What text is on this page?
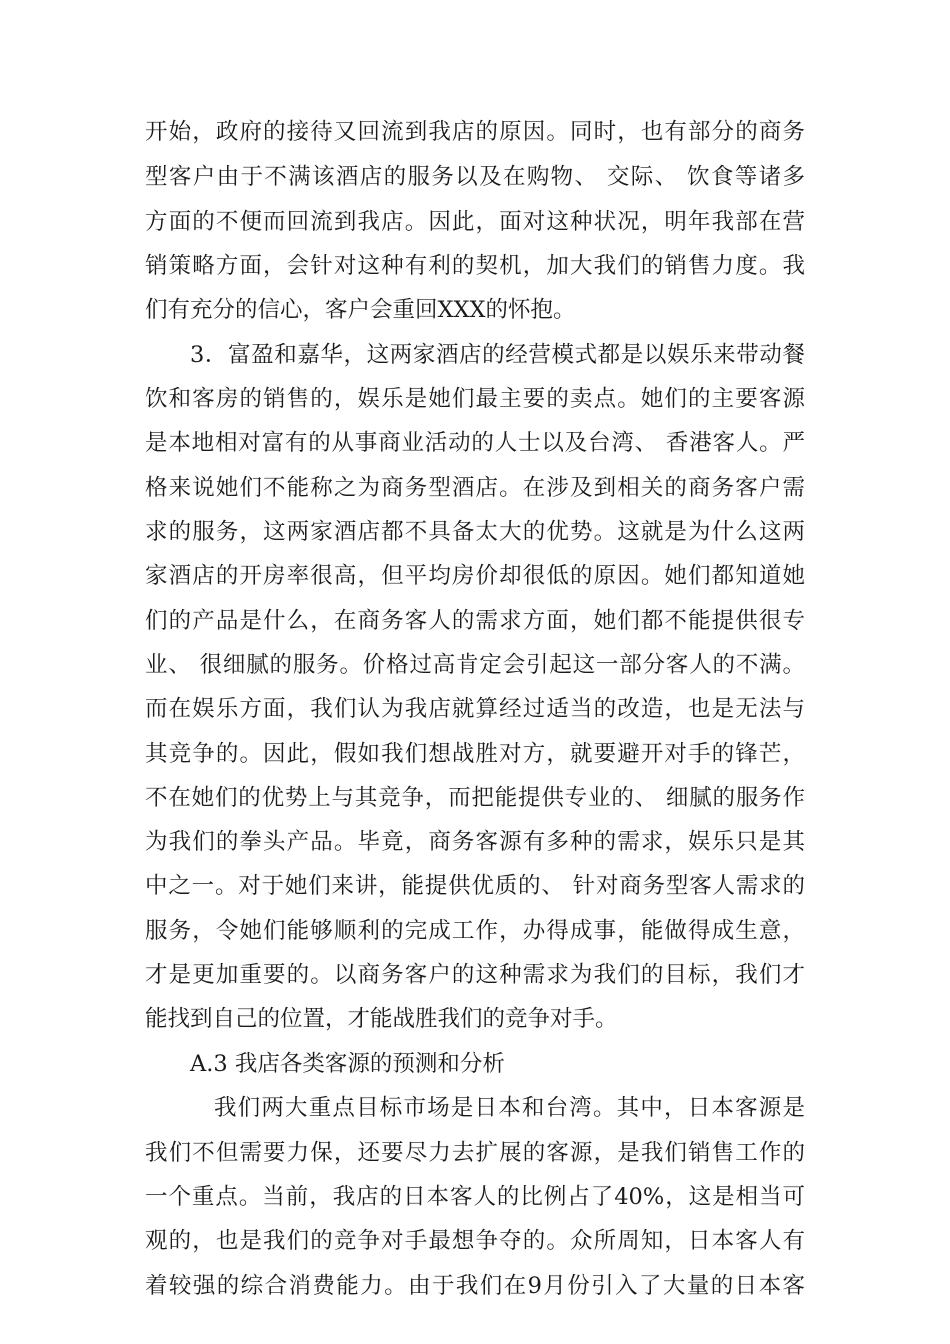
开始，政府的接待又回流到我店的原因。同时，也有部分的商务
型客户由于不满该酒店的服务以及在购物、 交际、 饮食等诸多
方面的不便而回流到我店。因此，面对这种状况，明年我部在营
销策略方面，会针对这种有利的契机，加大我们的销售力度。我
们有充分的信心，客户会重回XXX的怀抱。
3．富盈和嘉华，这两家酒店的经营模式都是以娱乐来带动餐
饮和客房的销售的，娱乐是她们最主要的卖点。她们的主要客源
是本地相对富有的从事商业活动的人士以及台湾、 香港客人。严
格来说她们不能称之为商务型酒店。在涉及到相关的商务客户需
求的服务，这两家酒店都不具备太大的优势。这就是为什么这两
家酒店的开房率很高，但平均房价却很低的原因。她们都知道她
们的产品是什么，在商务客人的需求方面，她们都不能提供很专
业、 很细腻的服务。价格过高肯定会引起这一部分客人的不满。
而在娱乐方面，我们认为我店就算经过适当的改造，也是无法与
其竞争的。因此，假如我们想战胜对方，就要避开对手的锋芒，
不在她们的优势上与其竞争，而把能提供专业的、 细腻的服务作
为我们的拳头产品。毕竟，商务客源有多种的需求，娱乐只是其
中之一。对于她们来讲，能提供优质的、 针对商务型客人需求的
服务，令她们能够顺利的完成工作，办得成事，能做得成生意，
才是更加重要的。以商务客户的这种需求为我们的目标，我们才
能找到自己的位置，才能战胜我们的竞争对手。
A.3 我店各类客源的预测和分析
我们两大重点目标市场是日本和台湾。其中，日本客源是
我们不但需要力保，还要尽力去扩展的客源，是我们销售工作的
一个重点。当前，我店的日本客人的比例占了40%，这是相当可
观的，也是我们的竞争对手最想争夺的。众所周知，日本客人有
着较强的综合消费能力。由于我们在9月份引入了大量的日本客
